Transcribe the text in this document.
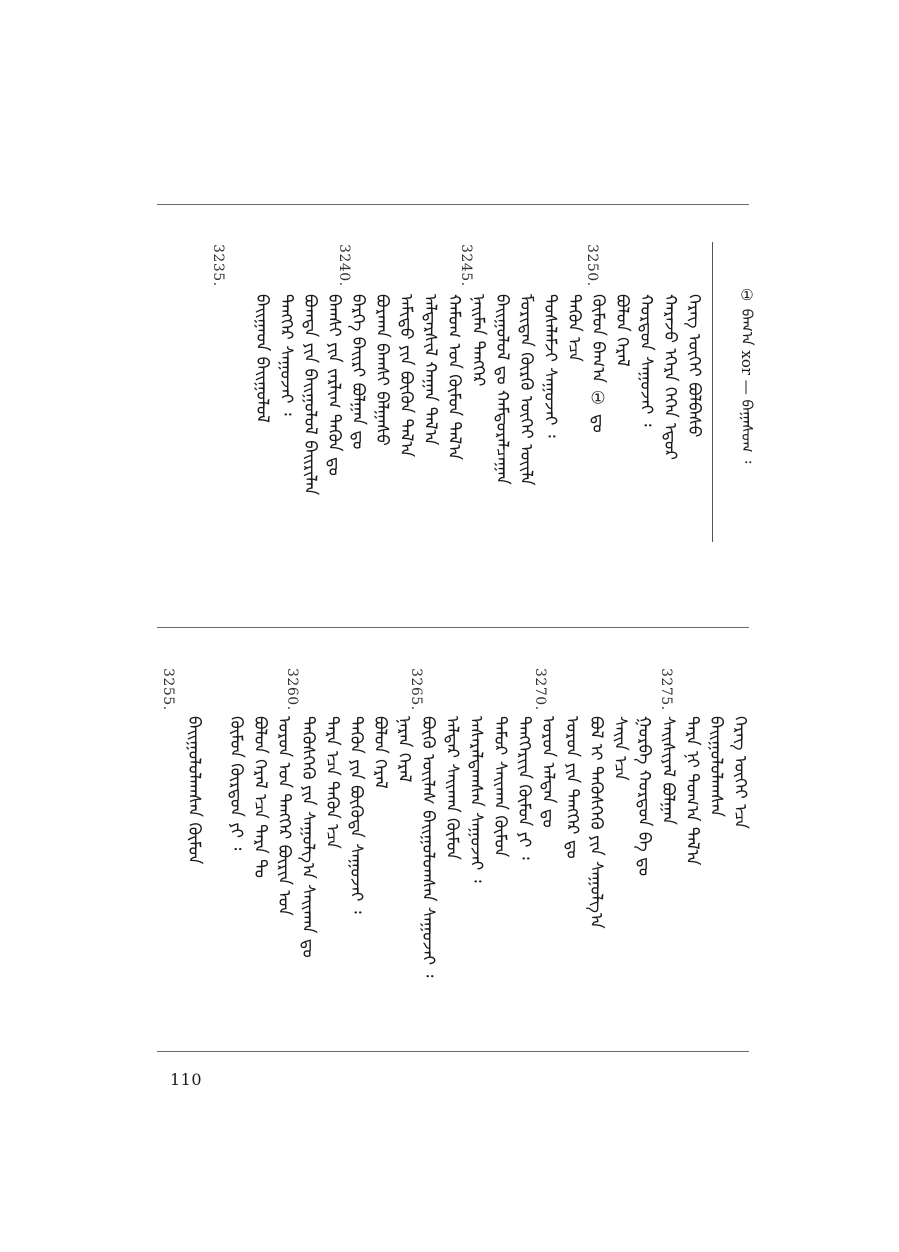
① ᠪᠠᠭ᠎ᠠ xor — ᠪᠠᠭᠠᠰᠤᠭ ᠄
3250.
3245.
3240.
3235.
ᠬᠡᠷᠡᠭ ᠦᠭᠡᠢ ᠪᠣᠯᠪᠠᠰᠤ
ᠬᠠᠷᠠᠵᠤ ᠡᠭᠡᠷᠡ ᠬᠡᠭᠡᠨ ᠡᠳᠦᠷ
ᠬᠤᠷᠳᠤᠨ ᠰᠠᠭᠤᠵᠠᠢ ᠄
ᠪᠣᠯᠤᠨ ᠭᠡᠷᠡᠯ
ᠬᠦᠮᠦᠨ ᠪᠠᠭ᠎ᠠ ① ᠳᠤ
ᠲᠡᠭᠦᠨ ᠡᠴᠡ
ᠲᠤᠰᠠᠯᠠᠮᠵᠢ ᠰᠠᠭᠤᠵᠠᠢ ᠄
ᠮᠣᠷᠢᠳᠠᠨ ᠬᠦᠷᠬᠦ ᠦᠭᠡᠢ ᠦᠢᠯᠡ
ᠪᠠᠢᠭᠤᠯᠤᠯ ᠳᠤ ᠬᠠᠮᠲᠤᠷᠠᠯᠴᠠᠭᠠᠨ
ᠨᠠᠢᠮᠠᠨ ᠲᠡᠩᠭᠡᠷ
ᠬᠠᠮᠤᠭ ᠤᠨ ᠬᠦᠮᠦᠨ ᠲᠠᠯ᠎ᠠ
ᠠᠯᠳᠠᠷᠰᠢᠯ ᠬᠠᠭᠠᠨ ᠲᠠᠯ᠎ᠠ
ᠠᠮᠢᠳᠤ ᠶᠢᠨ ᠪᠦᠬᠦᠨ ᠲᠠᠯ᠎ᠠ
ᠪᠤᠷᠬᠠᠨ ᠪᠠᠭᠰᠢ ᠪᠠᠯᠭᠠᠰᠤ
ᠪᠡᠷᠬᠡ ᠪᠠᠢᠷᠢ ᠪᠣᠯᠭᠠᠨ ᠳᠤ
ᠪᠠᠭᠰᠢ ᠶᠢᠨ ᠵᠠᠷᠯᠢᠭ ᠲᠡᠭᠦᠨ ᠳᠤ
ᠪᠣᠭᠳᠠ ᠶᠢᠨ ᠪᠠᠢᠭᠤᠯᠤᠯ ᠪᠠᠢᠷᠢᠯᠠᠨ
ᠲᠡᠩᠭᠡᠷ ᠰᠠᠭᠤᠵᠠᠢ ᠄
ᠪᠠᠢᠭᠠᠳ ᠪᠠᠢᠭᠤᠯᠤᠯ
3275.
3270.
3265.
3260.
3255.
ᠬᠡᠷᠡᠭ ᠦᠭᠡᠢ ᠡᠴᠡ
ᠪᠠᠢᠭᠤᠯᠤᠯᠠᠭᠰᠠᠨ
ᠲᠡᠷᠡ ᠨᠢ ᠲᠣᠭ᠎ᠠ ᠲᠠᠯ᠎ᠠ
ᠰᠠᠢᠰᠢᠶᠠᠯ ᠪᠣᠯᠭᠠᠨ
ᠭᠤᠷᠪᠠ ᠬᠤᠷᠳᠤᠨ ᠪᠡ ᠳᠤ
ᠰᠠᠢᠨ ᠡᠴᠡ
ᠪᠣᠯ ᠢ ᠲᠡᠭᠦᠰᠬᠡᠬᠦ ᠶᠢᠨ ᠰᠠᠭᠤᠯᠭ᠎ᠠ
ᠣᠷᠤᠨ ᠶᠢᠨ ᠲᠡᠩᠭᠡᠷ ᠳᠤ
ᠣᠷᠤᠨ ᠠᠯᠲᠠᠨ ᠳᠤ
ᠲᠡᠩᠭᠡᠷᠢᠢᠨ ᠬᠦᠮᠦᠨ ᠶᠢ ᠄
ᠲᠡᠮᠦᠷ ᠰᠠᠢᠬᠠᠨ ᠬᠦᠮᠦᠨ
ᠠᠰᠠᠷᠠᠯᠳᠠᠭᠰᠠᠨ ᠰᠠᠭᠤᠵᠠᠢ ᠄
ᠠᠯᠳᠠᠷ ᠰᠠᠢᠬᠠᠨ ᠬᠦᠮᠦᠨ
ᠪᠦᠬᠦ ᠦᠢᠯᠡᠰ ᠪᠠᠢᠭᠤᠯᠤᠭᠰᠠᠨ ᠰᠠᠭᠤᠵᠠᠢ ᠄
ᠨᠠᠷᠠᠨ ᠭᠡᠷᠡᠯ
ᠪᠣᠯᠤᠨ ᠭᠡᠷᠡᠯ
ᠲᠡᠭᠦᠨ ᠶᠢᠨ ᠪᠦᠭᠦᠳᠡ ᠰᠠᠭᠤᠵᠠᠢ ᠄
ᠲᠡᠷᠡ ᠡᠴᠡ ᠲᠡᠭᠦᠨ ᠡᠴᠡ
ᠲᠡᠭᠦᠰᠬᠡᠬᠦ ᠶᠢᠨ ᠰᠠᠭᠤᠯᠭ᠎ᠠ ᠰᠠᠢᠬᠠᠨ ᠳᠤ
ᠣᠷᠤᠨ ᠤᠨ ᠲᠡᠩᠭᠡᠷ ᠪᠦᠷᠢᠨ ᠤᠨ
ᠪᠣᠯᠤᠨ ᠭᠡᠷᠡᠯ ᠡᠴᠡ ᠲᠡᠷᠡ ᠲᠤ
ᠬᠦᠮᠦᠨ ᠬᠦᠷᠳᠦᠨ ᠶᠢ ᠄
ᠪᠠᠢᠭᠤᠯᠤᠯᠠᠭᠰᠠᠨ ᠬᠦᠮᠦᠨ
110
